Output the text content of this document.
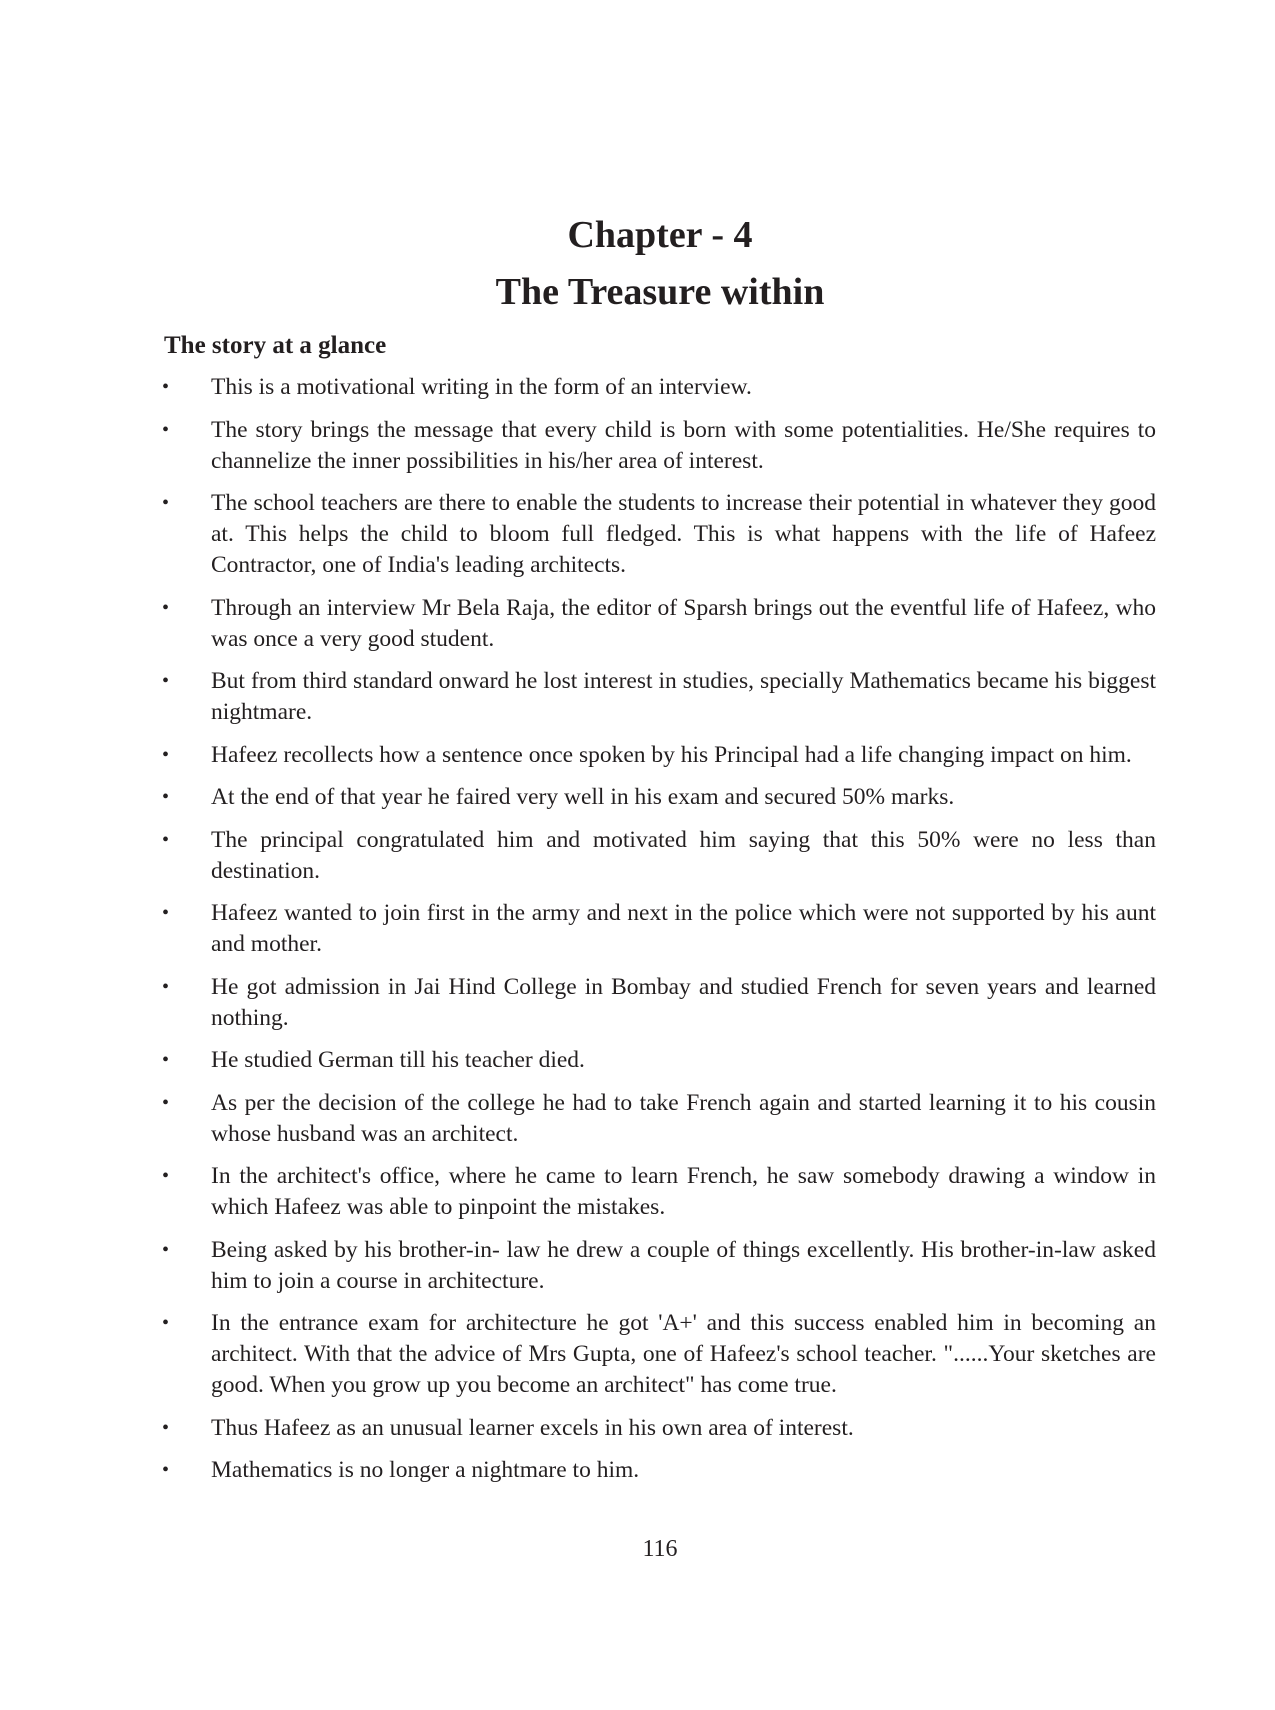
Chapter - 4
The Treasure within
The story at a glance
•	This is a motivational writing in the form of an interview.
•	The story brings the message that every child is born with some potentialities. He/She requires to channelize the inner possibilities in his/her area of interest.
•	The school teachers are there to enable the students to increase their potential in whatever they good at. This helps the child to bloom full fledged. This is what happens with the life of Hafeez Contractor, one of India's leading architects.
•	Through an interview Mr Bela Raja, the editor of Sparsh brings out the eventful life of Hafeez, who was once a very good student.
•	But from third standard onward he lost interest in studies, specially Mathematics became his biggest nightmare.
•	Hafeez recollects how a sentence once spoken by his Principal had a life changing impact on him.
•	At the end of that year he faired very well in his exam and secured 50% marks.
•	The principal congratulated him and motivated him saying that this 50% were no less than destination.
•	Hafeez wanted to join first in the army and next in the police which were not supported by his aunt and mother.
•	He got admission in Jai Hind College in Bombay and studied French for seven years and learned nothing.
•	He studied German till his teacher died.
•	As per the decision of the college he had to take French again and started learning it to his cousin whose husband was an architect.
•	In the architect's office, where he came to learn French, he saw somebody drawing a window in which Hafeez was able to pinpoint the mistakes.
•	Being asked by his brother-in- law he drew a couple of things excellently. His brother-in-law asked him to join a course in architecture.
•	In the entrance exam for architecture he got 'A+' and this success enabled him in becoming an architect. With that the advice of Mrs Gupta, one of Hafeez's school teacher. "......Your sketches are good. When you grow up you become an architect" has come true.
•	Thus Hafeez as an unusual learner excels in his own area of interest.
•	Mathematics is no longer a nightmare to him.
116
